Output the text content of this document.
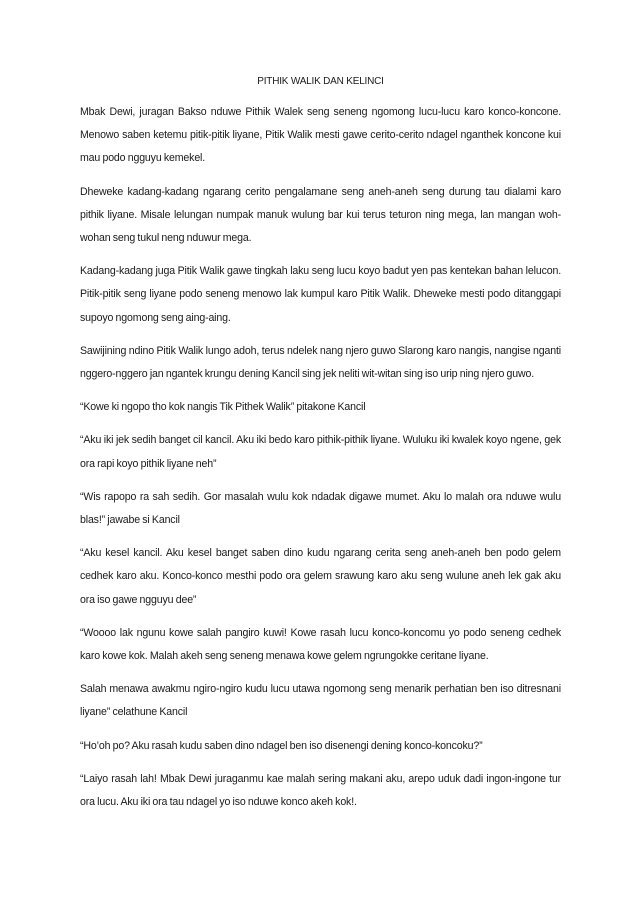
PITHIK WALIK DAN KELINCI

Mbak Dewi, juragan Bakso nduwe Pithik Walek seng seneng ngomong lucu-lucu karo konco-koncone. Menowo saben ketemu pitik-pitik liyane, Pitik Walik mesti gawe cerito-cerito ndagel nganthek koncone kui mau podo ngguyu kemekel.

Dheweke kadang-kadang ngarang cerito pengalamane seng aneh-aneh seng durung tau dialami karo pithik liyane. Misale lelungan numpak manuk wulung bar kui terus teturon ning mega, lan mangan woh-wohan seng tukul neng nduwur mega.

Kadang-kadang juga Pitik Walik gawe tingkah laku seng lucu koyo badut yen pas kentekan bahan lelucon. Pitik-pitik seng liyane podo seneng menowo lak kumpul karo Pitik Walik. Dheweke mesti podo ditanggapi supoyo ngomong seng aing-aing.

Sawijining ndino Pitik Walik lungo adoh, terus ndelek nang njero guwo Slarong karo nangis, nangise nganti nggero-nggero jan ngantek krungu dening Kancil sing jek neliti wit-witan sing iso urip ning njero guwo.

“Kowe ki ngopo tho kok nangis Tik Pithek Walik” pitakone Kancil

“Aku iki jek sedih banget cil kancil. Aku iki bedo karo pithik-pithik liyane. Wuluku iki kwalek koyo ngene, gek ora rapi koyo pithik liyane neh”

“Wis rapopo ra sah sedih. Gor masalah wulu kok ndadak digawe mumet. Aku lo malah ora nduwe wulu blas!” jawabe si Kancil

“Aku kesel kancil. Aku kesel banget saben dino kudu ngarang cerita seng aneh-aneh ben podo gelem cedhek karo aku. Konco-konco mesthi podo ora gelem srawung karo aku seng wulune aneh lek gak aku ora iso gawe ngguyu dee”

“Woooo lak ngunu kowe salah pangiro kuwi! Kowe rasah lucu konco-koncomu yo podo seneng cedhek karo kowe kok. Malah akeh seng seneng menawa kowe gelem ngrungokke ceritane liyane.

Salah menawa awakmu ngiro-ngiro kudu lucu utawa ngomong seng menarik perhatian ben iso ditresnani liyane” celathune Kancil

“Ho’oh po? Aku rasah kudu saben dino ndagel ben iso disenengi dening konco-koncoku?”

“Laiyo rasah lah! Mbak Dewi juraganmu kae malah sering makani aku, arepo uduk dadi ingon-ingone tur ora lucu. Aku iki ora tau ndagel yo iso nduwe konco akeh kok!.
